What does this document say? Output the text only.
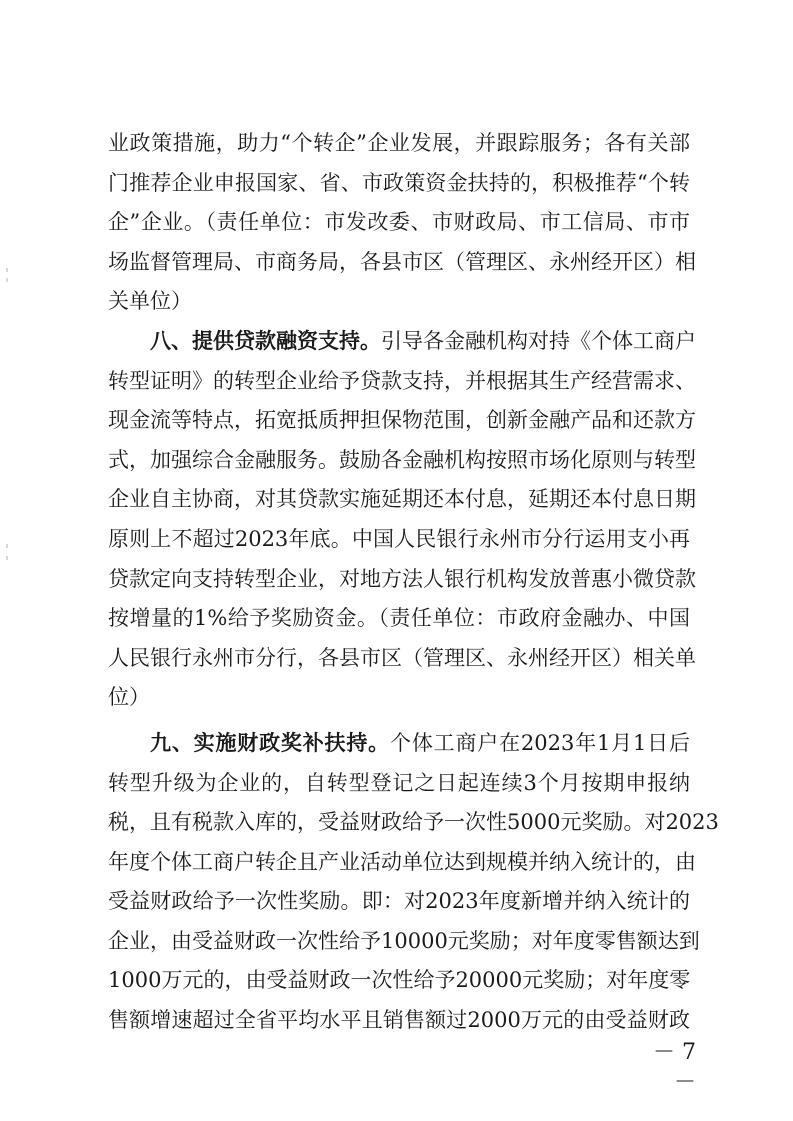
业政策措施，助力“个转企”企业发展，并跟踪服务；各有关部
门推荐企业申报国家、省、市政策资金扶持的，积极推荐“个转
企”企业。（责任单位：市发改委、市财政局、市工信局、市市
场监督管理局、市商务局，各县市区（管理区、永州经开区）相
关单位）
八、提供贷款融资支持。引导各金融机构对持《个体工商户
转型证明》的转型企业给予贷款支持，并根据其生产经营需求、
现金流等特点，拓宽抵质押担保物范围，创新金融产品和还款方
式，加强综合金融服务。鼓励各金融机构按照市场化原则与转型
企业自主协商，对其贷款实施延期还本付息，延期还本付息日期
原则上不超过2023年底。中国人民银行永州市分行运用支小再
贷款定向支持转型企业，对地方法人银行机构发放普惠小微贷款
按增量的1%给予奖励资金。（责任单位：市政府金融办、中国
人民银行永州市分行，各县市区（管理区、永州经开区）相关单
位）
九、实施财政奖补扶持。个体工商户在2023年1月1日后
转型升级为企业的，自转型登记之日起连续3个月按期申报纳
税，且有税款入库的，受益财政给予一次性5000元奖励。对2023
年度个体工商户转企且产业活动单位达到规模并纳入统计的，由
受益财政给予一次性奖励。即：对2023年度新增并纳入统计的
企业，由受益财政一次性给予10000元奖励；对年度零售额达到
1000万元的，由受益财政一次性给予20000元奖励；对年度零
售额增速超过全省平均水平且销售额过2000万元的由受益财政
－ 7 －
